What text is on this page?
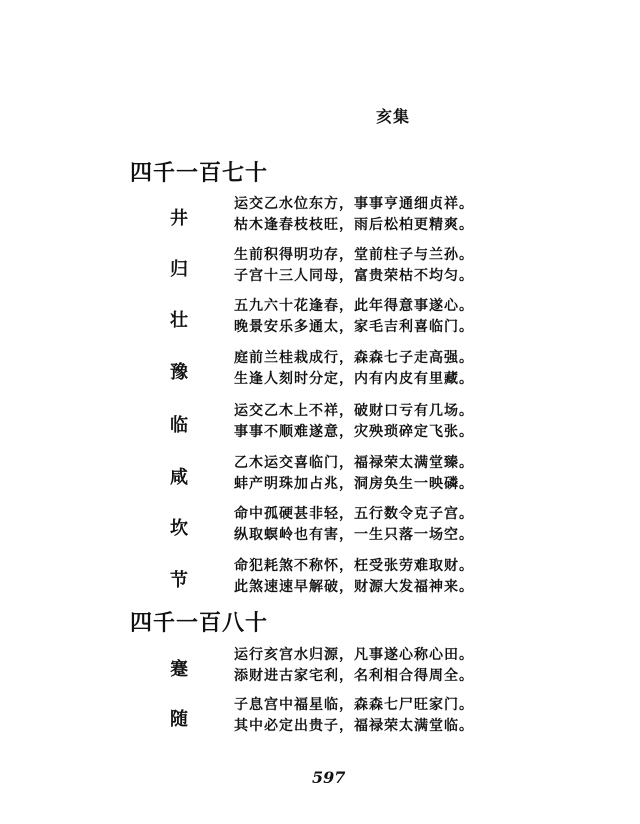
亥集
四千一百七十
井
运交乙水位东方，事事亨通细贞祥。
枯木逢春枝枝旺，雨后松柏更精爽。
归
生前积得明功存，堂前柱子与兰孙。
子宫十三人同母，富贵荣枯不均匀。
壮
五九六十花逢春，此年得意事遂心。
晚景安乐多通太，家毛吉利喜临门。
豫
庭前兰桂栽成行，森森七子走高强。
生逢人刻时分定，内有内皮有里藏。
临
运交乙木上不祥，破财口亏有几场。
事事不顺难遂意，灾殃琐碎定飞张。
咸
乙木运交喜临门，福禄荣太满堂臻。
蚌产明珠加占兆，洞房奂生一映磷。
坎
命中孤硬甚非轻，五行数令克子宫。
纵取螟岭也有害，一生只落一场空。
节
命犯耗煞不称怀，枉受张劳难取财。
此煞速速早解破，财源大发福神来。
四千一百八十
蹇
运行亥宫水归源，凡事遂心称心田。
添财进古家宅利，名利相合得周全。
随
子息宫中福星临，森森七尸旺家门。
其中必定出贵子，福禄荣太满堂临。
597
